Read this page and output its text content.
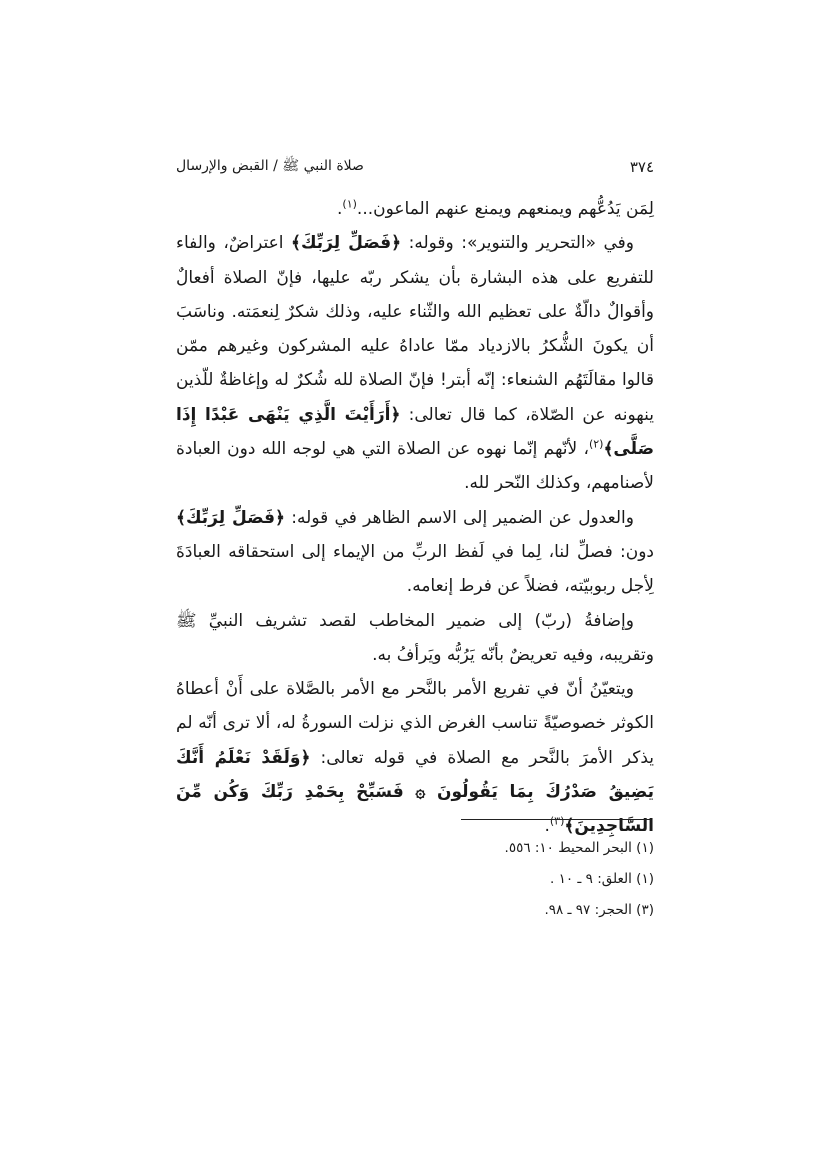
٣٧٤
صلاة النبي ﷺ / القبض والإرسال

لِمَن يَدُعُّهم ويمنعهم ويمنع عنهم الماعون...$^{(١)}$.

وفي «التحرير والتنوير»: وقوله: ﴿فَصَلِّ لِرَبِّكَ﴾ اعتراضٌ، والفاء للتفريع على هذه البشارة بأن يشكر ربّه عليها، فإنّ الصلاة أفعالٌ وأقوالٌ دالّةٌ على تعظيم الله والثّناء عليه، وذلك شكرٌ لِنعمَته. وناسَبَ أن يكونَ الشُّكرُ بالازدياد ممّا عاداهُ عليه المشركون وغيرهم ممّن قالوا مقالَتَهُم الشنعاء: إنّه أبتر! فإنّ الصلاة لله شُكرٌ له وإغاظةٌ للّذين ينهونه عن الصّلاة، كما قال تعالى: ﴿أَرَأَيْتَ الَّذِي يَنْهَى عَبْدًا إِذَا صَلَّى﴾$^{(٢)}$، لأنّهم إنّما نهوه عن الصلاة التي هي لوجه الله دون العبادة لأصنامهم، وكذلك النّحر لله.

والعدول عن الضمير إلى الاسم الظاهر في قوله: ﴿فَصَلِّ لِرَبِّكَ﴾ دون: فصلِّ لنا، لِما في لَفظ الربِّ من الإيماء إلى استحقاقه العبادَةَ لِأجل ربوبيّته، فضلاً عن فرط إنعامه.

وإضافةُ (ربّ) إلى ضمير المخاطب لقصد تشريف النبيِّ ﷺ وتقريبه، وفيه تعريضٌ بأنّه يَرُبُّه ويَرأفُ به.

ويتعيّنُ أنّ في تفريع الأمر بالنَّحر مع الأمر بالصَّلاة على أَنْ أعطاهُ الكوثر خصوصيّةً تناسب الغرض الذي نزلت السورةُ له، ألا ترى أنّه لم يذكر الأمرَ بالنَّحر مع الصلاة في قوله تعالى: ﴿وَلَقَدْ نَعْلَمُ أَنَّكَ يَضِيقُ صَدْرُكَ بِمَا يَقُولُونَ ۞ فَسَبِّحْ بِحَمْدِ رَبِّكَ وَكُن مِّنَ السَّاجِدِينَ﴾$^{(٣)}$.

(١) البحر المحيط ١٠: ٥٥٦.
(١) العلق: ٩ ـ ١٠ .
(٣) الحجر: ٩٧ ـ ٩٨.
